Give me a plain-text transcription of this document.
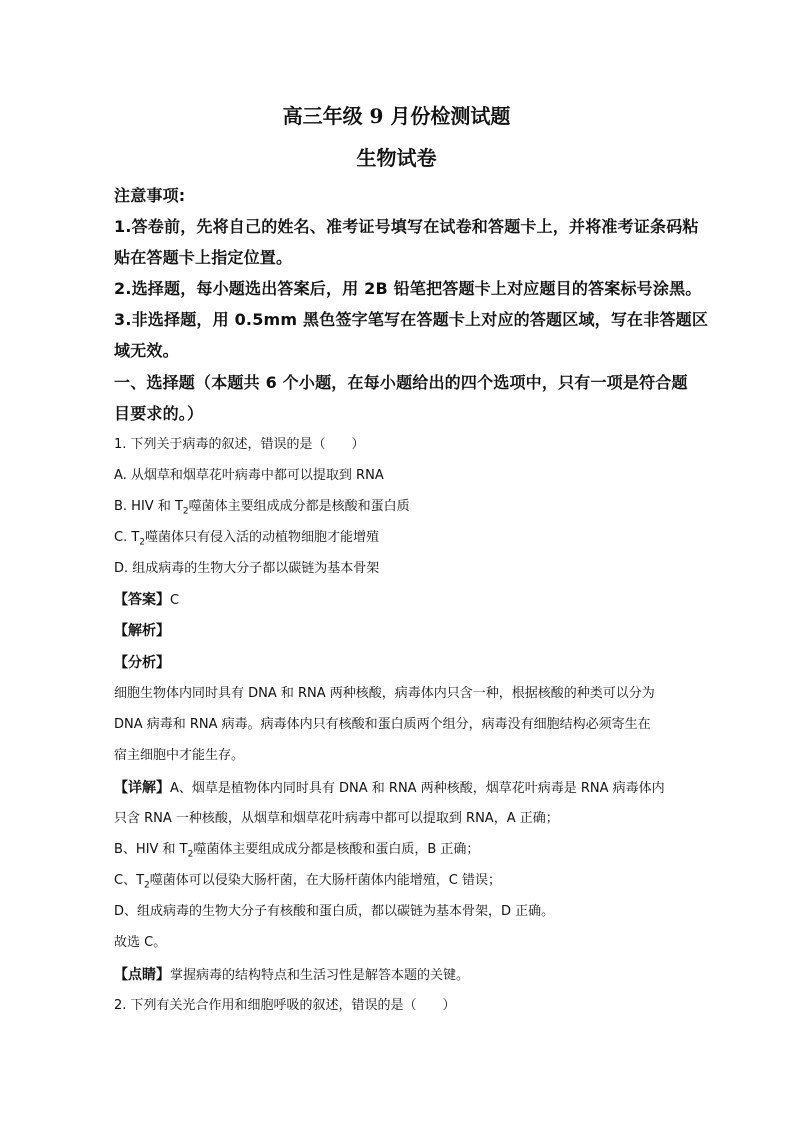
高三年级 9 月份检测试题
生物试卷
注意事项:
1.答卷前，先将自己的姓名、准考证号填写在试卷和答题卡上，并将准考证条码粘
贴在答题卡上指定位置。
2.选择题，每小题选出答案后，用 2B 铅笔把答题卡上对应题目的答案标号涂黑。
3.非选择题，用 0.5mm 黑色签字笔写在答题卡上对应的答题区域，写在非答题区
域无效。
一、选择题（本题共 6 个小题，在每小题给出的四个选项中，只有一项是符合题
目要求的。）
1. 下列关于病毒的叙述，错误的是（　　）
A. 从烟草和烟草花叶病毒中都可以提取到 RNA
B. HIV 和 $T_2$噬菌体主要组成成分都是核酸和蛋白质
C. $T_2$噬菌体只有侵入活的动植物细胞才能增殖
D. 组成病毒的生物大分子都以碳链为基本骨架
【答案】C
【解析】
【分析】
细胞生物体内同时具有 DNA 和 RNA 两种核酸，病毒体内只含一种，根据核酸的种类可以分为
DNA 病毒和 RNA 病毒。病毒体内只有核酸和蛋白质两个组分，病毒没有细胞结构必须寄生在
宿主细胞中才能生存。
【详解】A、烟草是植物体内同时具有 DNA 和 RNA 两种核酸，烟草花叶病毒是 RNA 病毒体内
只含 RNA 一种核酸，从烟草和烟草花叶病毒中都可以提取到 RNA，A 正确；
B、HIV 和 $T_2$噬菌体主要组成成分都是核酸和蛋白质，B 正确；
C、$T_2$噬菌体可以侵染大肠杆菌，在大肠杆菌体内能增殖，C 错误；
D、组成病毒的生物大分子有核酸和蛋白质，都以碳链为基本骨架，D 正确。
故选 C。
【点睛】掌握病毒的结构特点和生活习性是解答本题的关键。
2. 下列有关光合作用和细胞呼吸的叙述，错误的是（　　）
